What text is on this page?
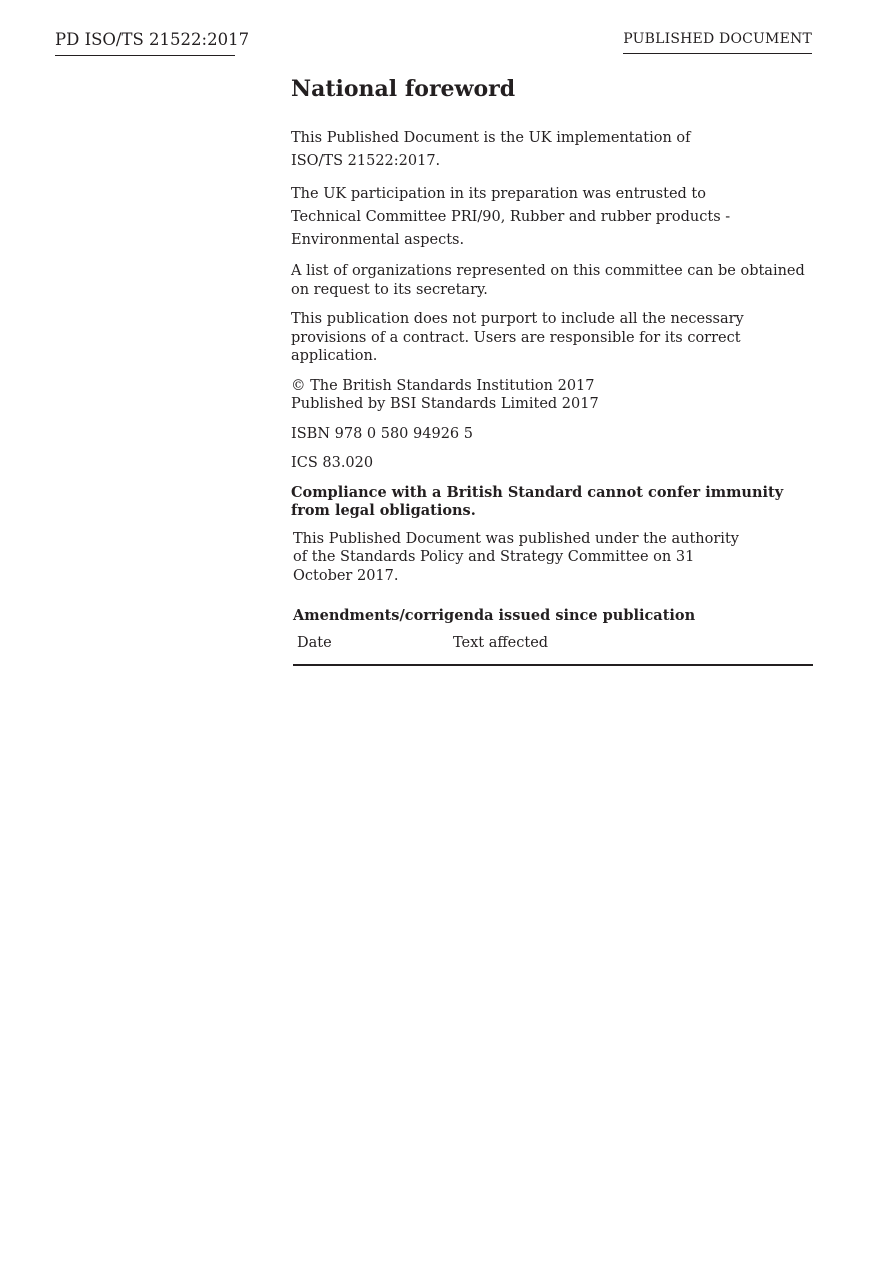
PD ISO/TS 21522:2017	PUBLISHED DOCUMENT
National foreword

This Published Document is the UK implementation of ISO/TS 21522:2017.

The UK participation in its preparation was entrusted to Technical Committee PRI/90, Rubber and rubber products - Environmental aspects.

A list of organizations represented on this committee can be obtained on request to its secretary.

This publication does not purport to include all the necessary provisions of a contract. Users are responsible for its correct application.

© The British Standards Institution 2017
Published by BSI Standards Limited 2017

ISBN 978 0 580 94926 5

ICS 83.020

Compliance with a British Standard cannot confer immunity from legal obligations.

This Published Document was published under the authority of the Standards Policy and Strategy Committee on 31 October 2017.

Amendments/corrigenda issued since publication
Date	Text affected
